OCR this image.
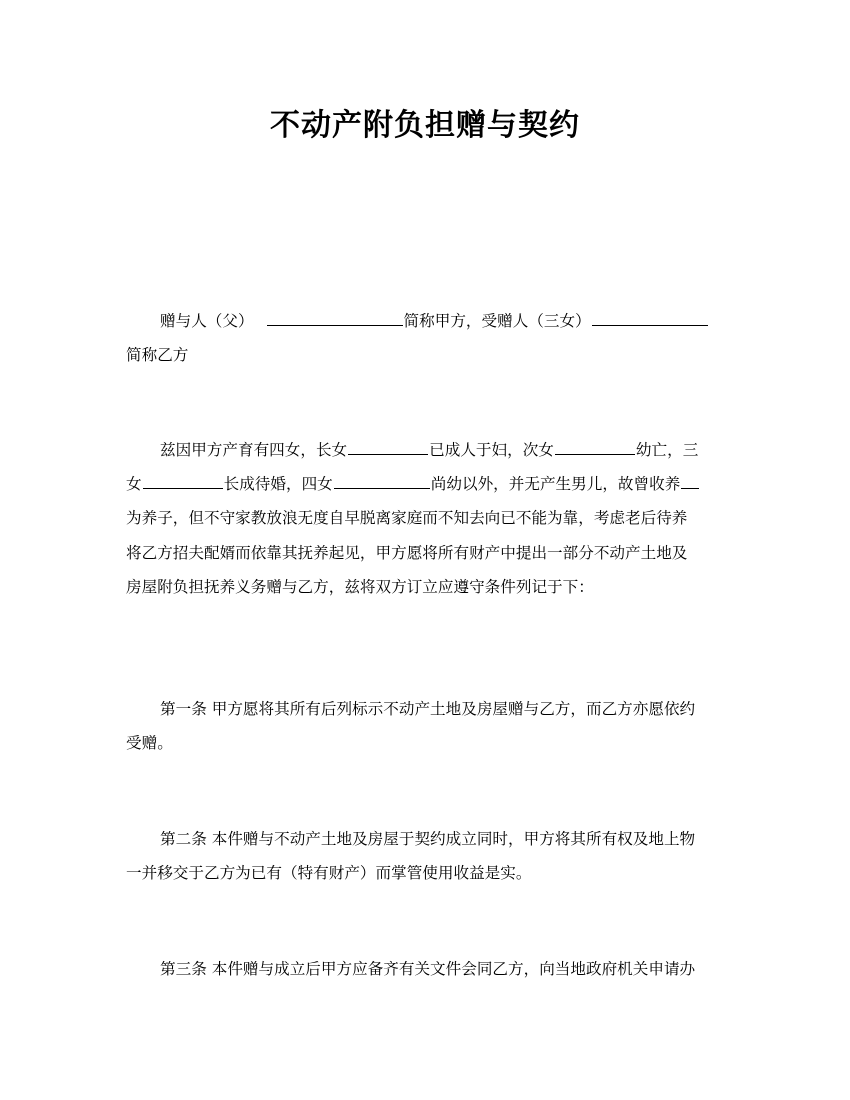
不动产附负担赠与契约
赠与人（父）	简称甲方，受赠人（三女）
简称乙方
兹因甲方产育有四女，长女	已成人于妇，次女	幼亡，三
女	长成待婚，四女	尚幼以外，并无产生男儿，故曾收养
为养子，但不守家教放浪无度自早脱离家庭而不知去向已不能为靠，考虑老后待养
将乙方招夫配婿而依靠其抚养起见，甲方愿将所有财产中提出一部分不动产土地及
房屋附负担抚养义务赠与乙方，兹将双方订立应遵守条件列记于下：
第一条 甲方愿将其所有后列标示不动产土地及房屋赠与乙方，而乙方亦愿依约
受赠。
第二条 本件赠与不动产土地及房屋于契约成立同时，甲方将其所有权及地上物
一并移交于乙方为已有（特有财产）而掌管使用收益是实。
第三条 本件赠与成立后甲方应备齐有关文件会同乙方，向当地政府机关申请办
